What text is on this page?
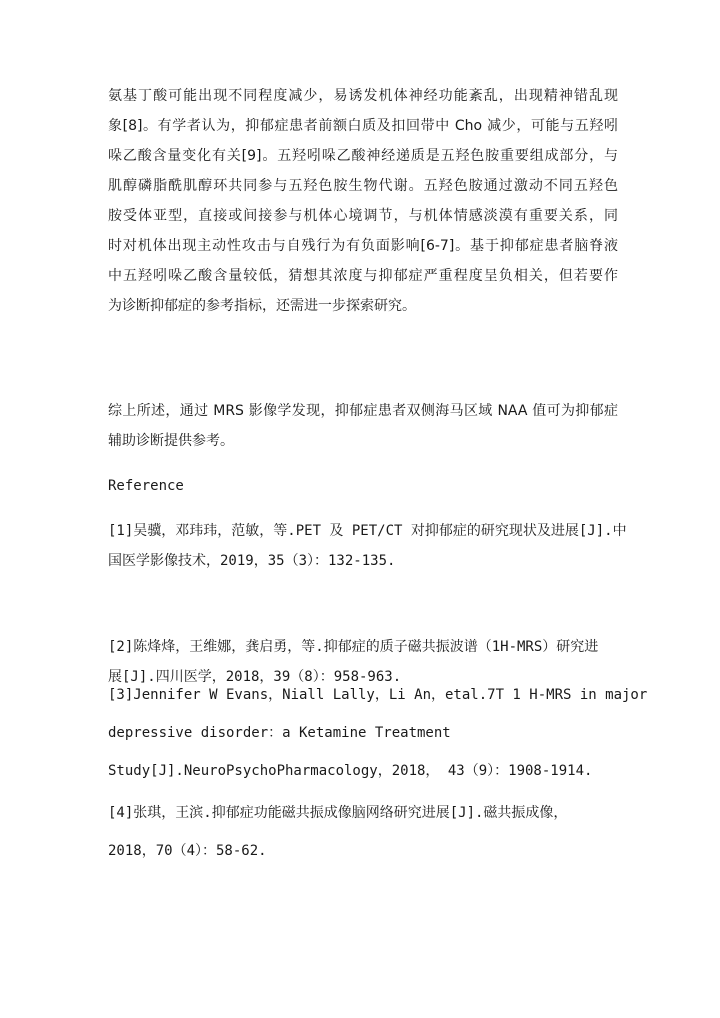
氨基丁酸可能出现不同程度减少，易诱发机体神经功能紊乱，出现精神错乱现
象[8]。有学者认为，抑郁症患者前额白质及扣回带中 Cho 减少，可能与五羟吲
哚乙酸含量变化有关[9]。五羟吲哚乙酸神经递质是五羟色胺重要组成部分，与
肌醇磷脂酰肌醇环共同参与五羟色胺生物代谢。五羟色胺通过激动不同五羟色
胺受体亚型，直接或间接参与机体心境调节，与机体情感淡漠有重要关系，同
时对机体出现主动性攻击与自残行为有负面影响[6-7]。基于抑郁症患者脑脊液
中五羟吲哚乙酸含量较低，猜想其浓度与抑郁症严重程度呈负相关，但若要作
为诊断抑郁症的参考指标，还需进一步探索研究。

综上所述，通过 MRS 影像学发现，抑郁症患者双侧海马区域 NAA 值可为抑郁症
辅助诊断提供参考。

Reference

[1]吴骥，邓玮玮，范敏，等.PET 及 PET/CT 对抑郁症的研究现状及进展[J].中
国医学影像技术，2019，35（3）：132-135.

[2]陈烽烽，王维娜，龚启勇，等.抑郁症的质子磁共振波谱（1H-MRS）研究进
展[J].四川医学，2018，39（8）：958-963.

[3]Jennifer W Evans，Niall Lally，Li An，etal.7T 1 H-MRS in major
depressive disorder：a Ketamine Treatment
Study[J].NeuroPsychoPharmacology，2018， 43（9）：1908-1914.

[4]张琪，王滨.抑郁症功能磁共振成像脑网络研究进展[J].磁共振成像，
2018，70（4）：58-62.
